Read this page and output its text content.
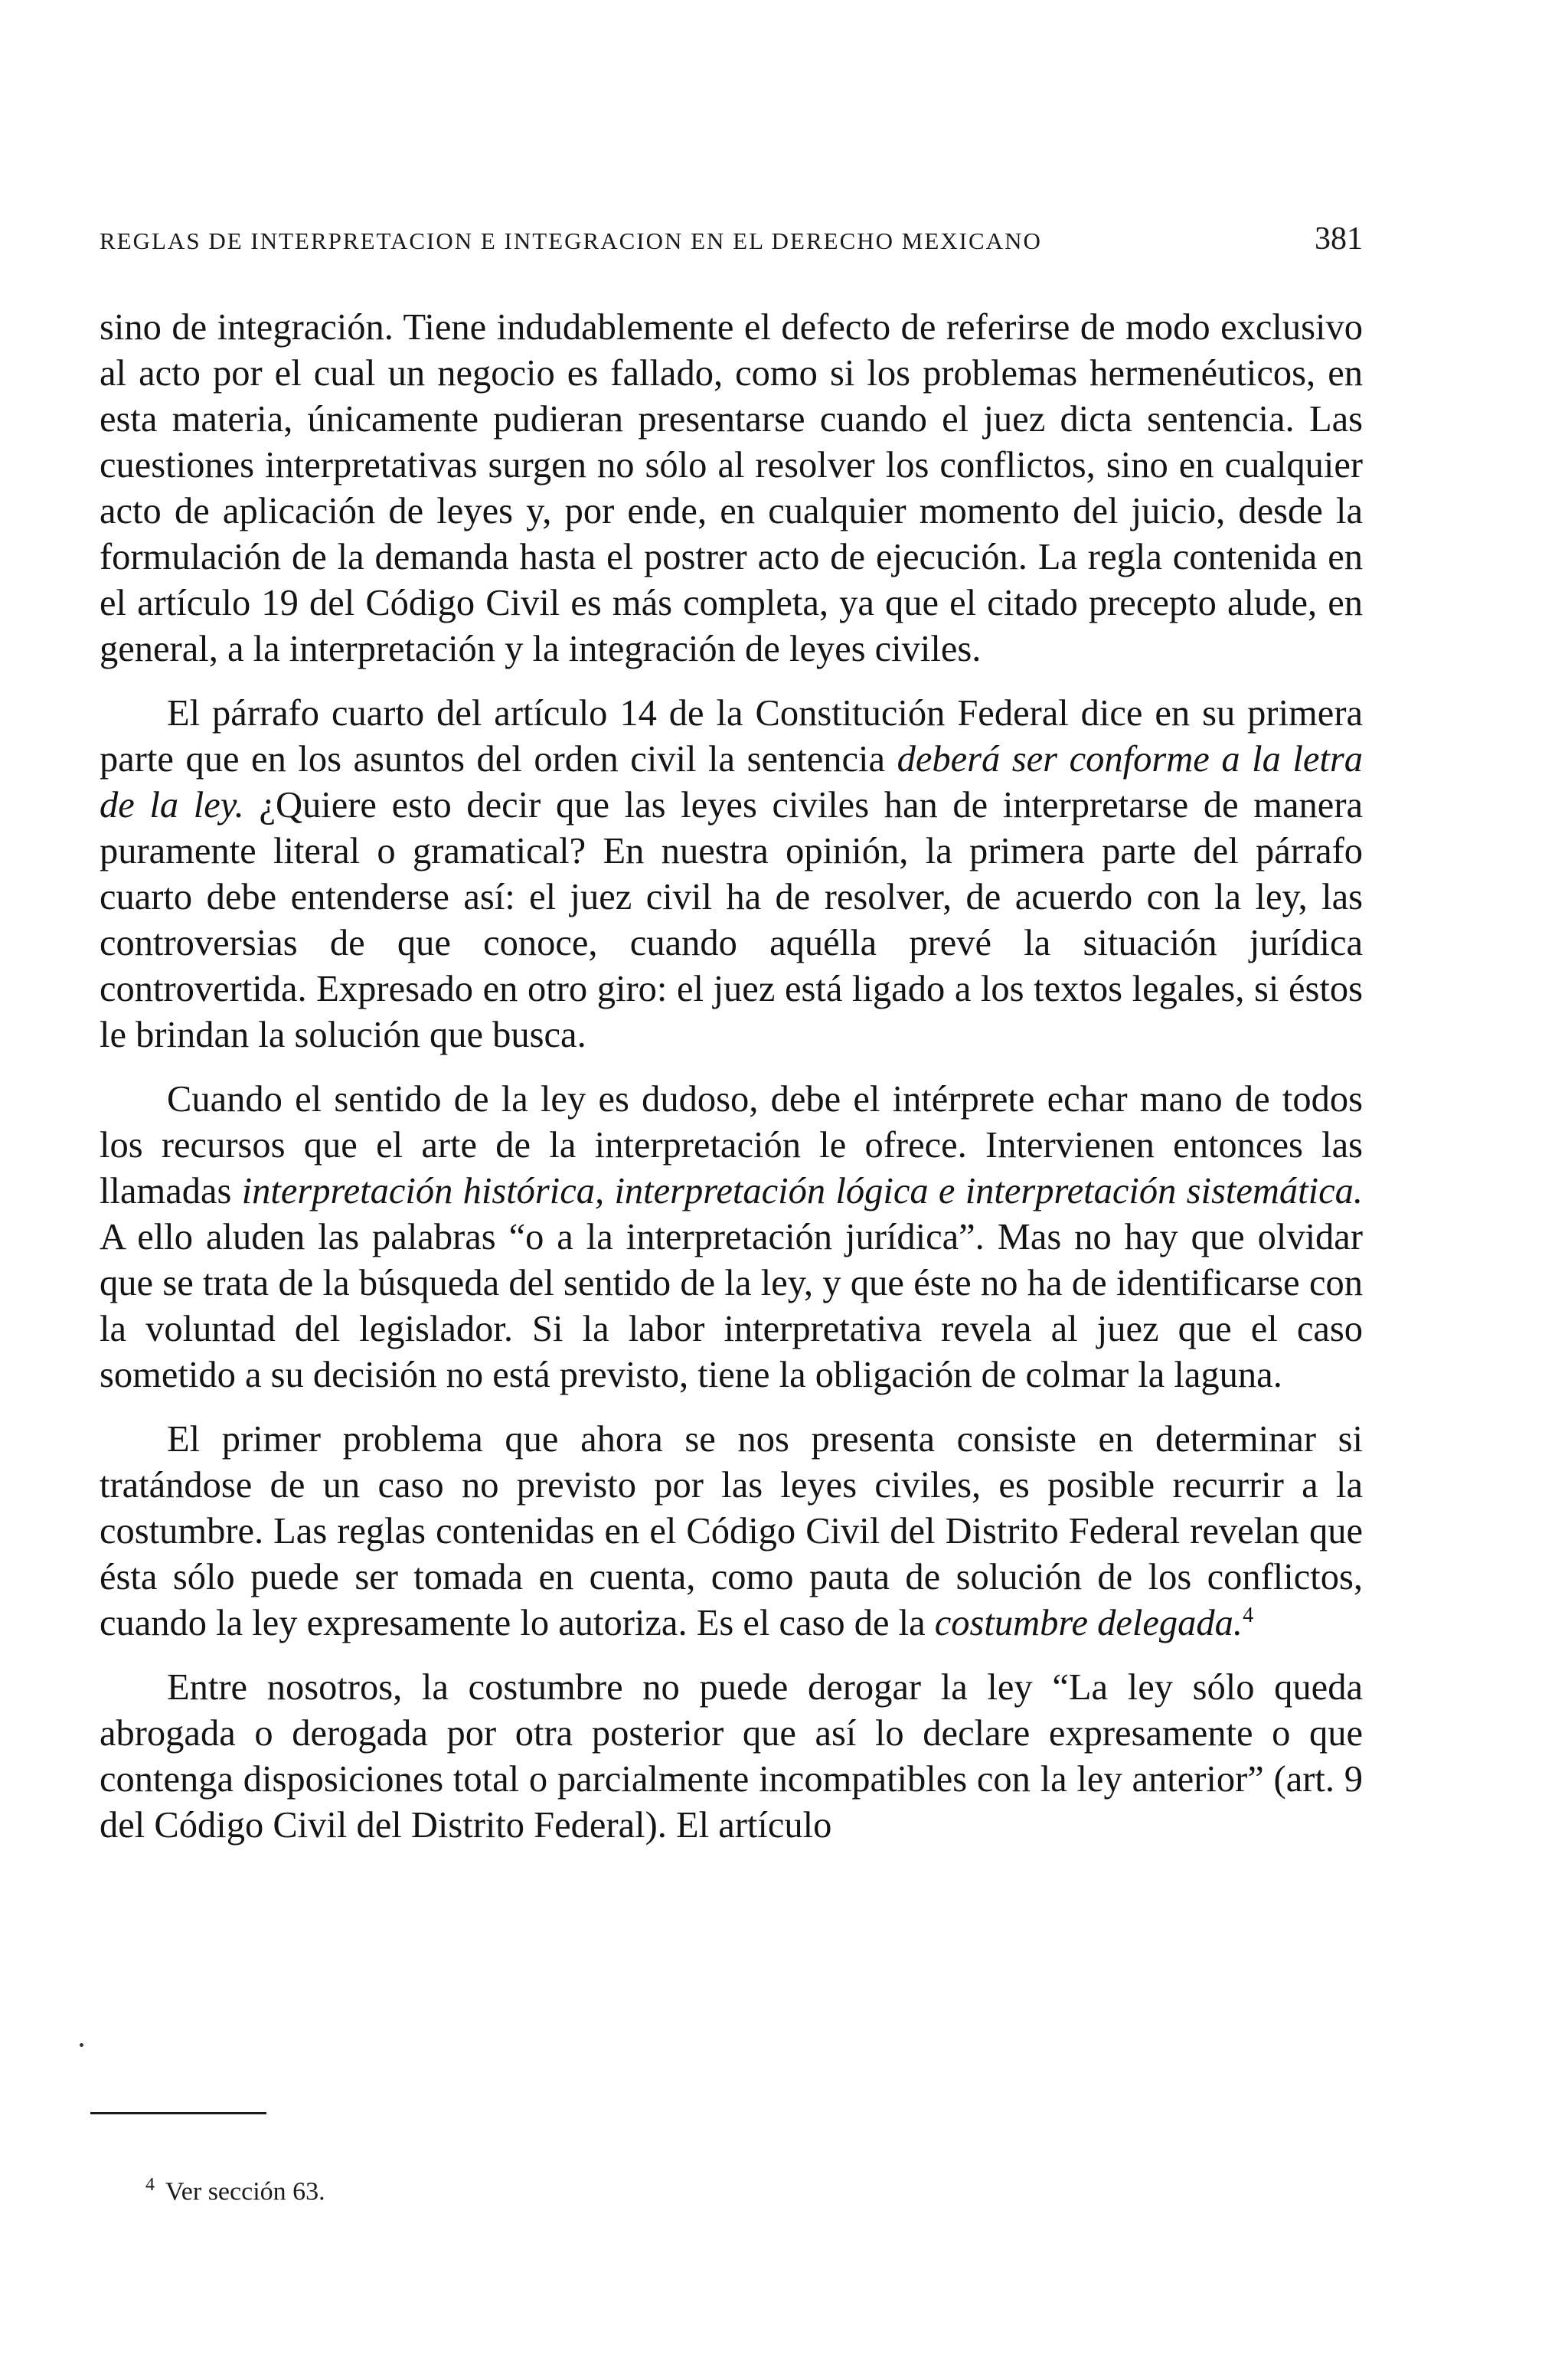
REGLAS DE INTERPRETACION E INTEGRACION EN EL DERECHO MEXICANO	381

sino de integración. Tiene indudablemente el defecto de referirse de modo exclusivo al acto por el cual un negocio es fallado, como si los problemas hermenéuticos, en esta materia, únicamente pudieran presentarse cuando el juez dicta sentencia. Las cuestiones interpretativas surgen no sólo al resolver los conflictos, sino en cualquier acto de aplicación de leyes y, por ende, en cualquier momento del juicio, desde la formulación de la demanda hasta el postrer acto de ejecución. La regla contenida en el artículo 19 del Código Civil es más completa, ya que el citado precepto alude, en general, a la interpretación y la integración de leyes civiles.

El párrafo cuarto del artículo 14 de la Constitución Federal dice en su primera parte que en los asuntos del orden civil la sentencia deberá ser conforme a la letra de la ley. ¿Quiere esto decir que las leyes civiles han de interpretarse de manera puramente literal o gramatical? En nuestra opinión, la primera parte del párrafo cuarto debe entenderse así: el juez civil ha de resolver, de acuerdo con la ley, las controversias de que conoce, cuando aquélla prevé la situación jurídica controvertida. Expresado en otro giro: el juez está ligado a los textos legales, si éstos le brindan la solución que busca.

Cuando el sentido de la ley es dudoso, debe el intérprete echar mano de todos los recursos que el arte de la interpretación le ofrece. Intervienen entonces las llamadas interpretación histórica, interpretación lógica e interpretación sistemática. A ello aluden las palabras “o a la interpretación jurídica”. Mas no hay que olvidar que se trata de la búsqueda del sentido de la ley, y que éste no ha de identificarse con la voluntad del legislador. Si la labor interpretativa revela al juez que el caso sometido a su decisión no está previsto, tiene la obligación de colmar la laguna.

El primer problema que ahora se nos presenta consiste en determinar si tratándose de un caso no previsto por las leyes civiles, es posible recurrir a la costumbre. Las reglas contenidas en el Código Civil del Distrito Federal revelan que ésta sólo puede ser tomada en cuenta, como pauta de solución de los conflictos, cuando la ley expresamente lo autoriza. Es el caso de la costumbre delegada.$^4$

Entre nosotros, la costumbre no puede derogar la ley “La ley sólo queda abrogada o derogada por otra posterior que así lo declare expresamente o que contenga disposiciones total o parcialmente incompatibles con la ley anterior” (art. 9 del Código Civil del Distrito Federal). El artículo

$^4$ Ver sección 63.
